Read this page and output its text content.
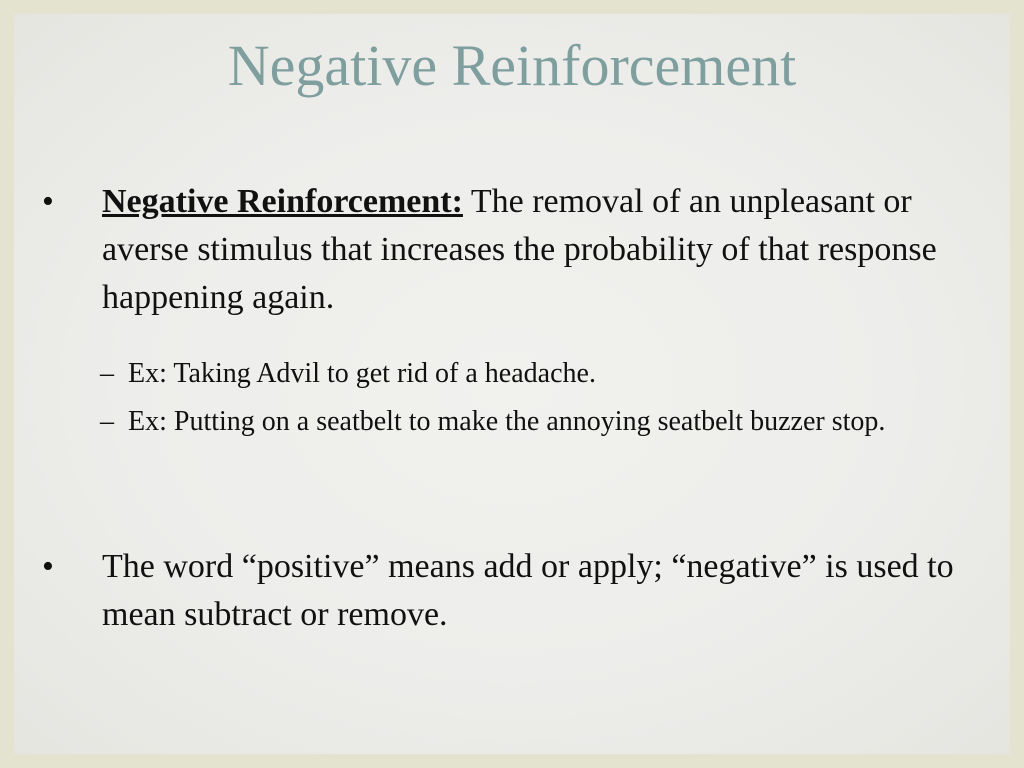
Negative Reinforcement
• Negative Reinforcement: The removal of an unpleasant or averse stimulus that increases the probability of that response happening again.
– Ex: Taking Advil to get rid of a headache.
– Ex: Putting on a seatbelt to make the annoying seatbelt buzzer stop.
• The word “positive” means add or apply; “negative” is used to mean subtract or remove.
